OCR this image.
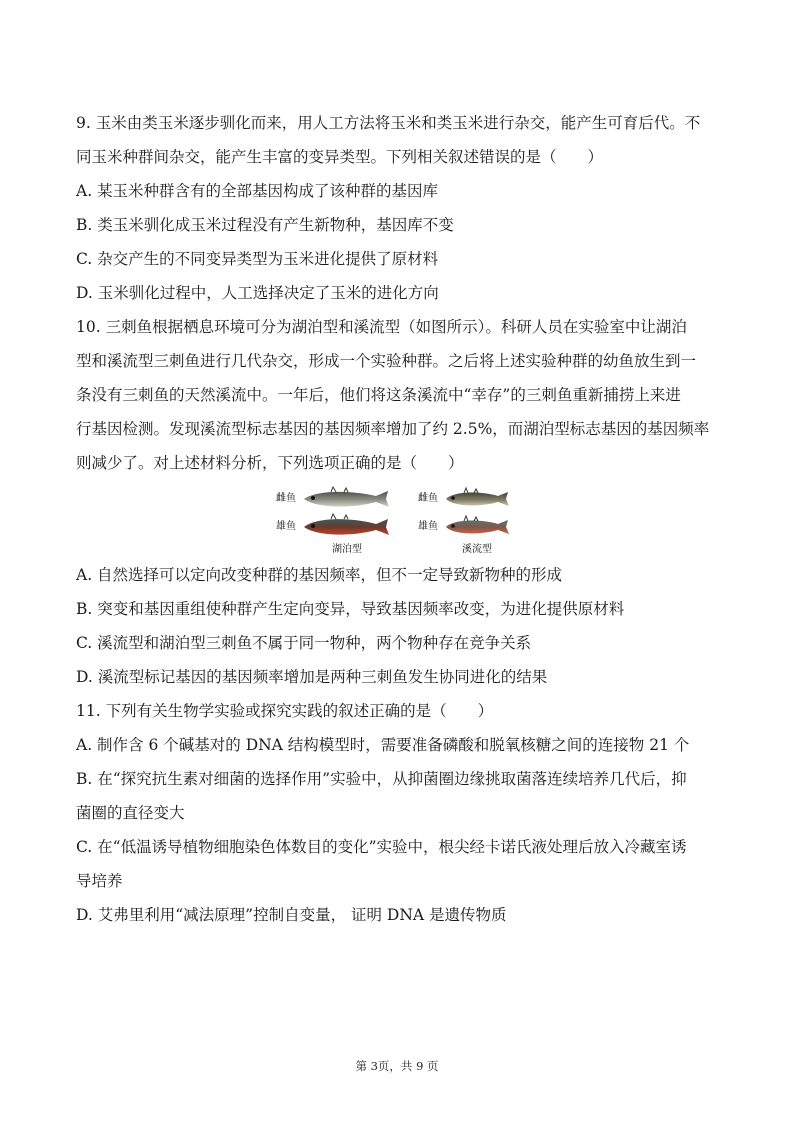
9. 玉米由类玉米逐步驯化而来，用人工方法将玉米和类玉米进行杂交，能产生可育后代。不
同玉米种群间杂交，能产生丰富的变异类型。下列相关叙述错误的是（　　）
A. 某玉米种群含有的全部基因构成了该种群的基因库
B. 类玉米驯化成玉米过程没有产生新物种，基因库不变
C. 杂交产生的不同变异类型为玉米进化提供了原材料
D. 玉米驯化过程中，人工选择决定了玉米的进化方向
10. 三刺鱼根据栖息环境可分为湖泊型和溪流型（如图所示）。科研人员在实验室中让湖泊
型和溪流型三刺鱼进行几代杂交，形成一个实验种群。之后将上述实验种群的幼鱼放生到一
条没有三刺鱼的天然溪流中。一年后，他们将这条溪流中“幸存”的三刺鱼重新捕捞上来进
行基因检测。发现溪流型标志基因的基因频率增加了约 2.5%，而湖泊型标志基因的基因频率
则减少了。对上述材料分析，下列选项正确的是（　　）
雌鱼
雄鱼
雌鱼
雄鱼
湖泊型	溪流型
A. 自然选择可以定向改变种群的基因频率，但不一定导致新物种的形成
B. 突变和基因重组使种群产生定向变异，导致基因频率改变，为进化提供原材料
C. 溪流型和湖泊型三刺鱼不属于同一物种，两个物种存在竞争关系
D. 溪流型标记基因的基因频率增加是两种三刺鱼发生协同进化的结果
11. 下列有关生物学实验或探究实践的叙述正确的是（　　）
A. 制作含 6 个碱基对的 DNA 结构模型时，需要准备磷酸和脱氧核糖之间的连接物 21 个
B. 在“探究抗生素对细菌的选择作用”实验中，从抑菌圈边缘挑取菌落连续培养几代后，抑
菌圈的直径变大
C. 在“低温诱导植物细胞染色体数目的变化”实验中，根尖经卡诺氏液处理后放入冷藏室诱
导培养
D. 艾弗里利用“减法原理”控制自变量， 证明 DNA 是遗传物质
第 3页，共 9 页
